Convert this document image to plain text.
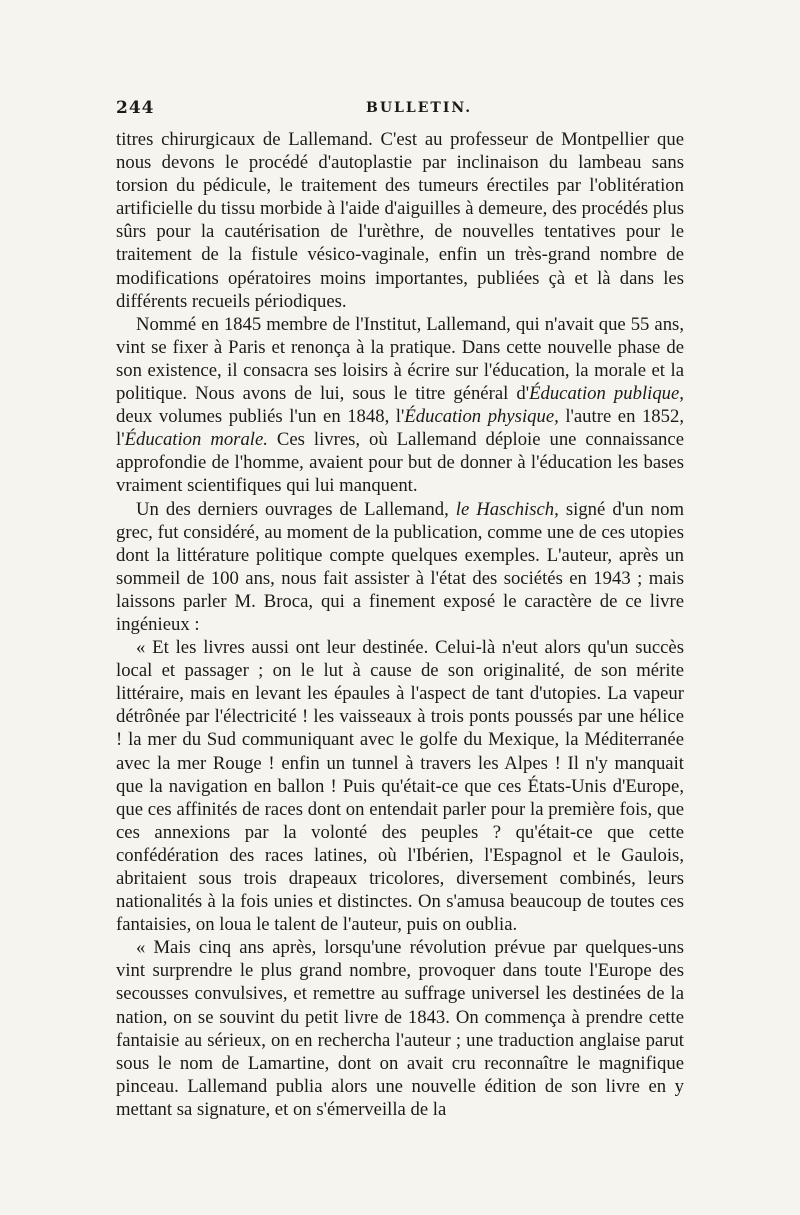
244	BULLETIN.

titres chirurgicaux de Lallemand. C'est au professeur de Montpellier que nous devons le procédé d'autoplastie par inclinaison du lambeau sans torsion du pédicule, le traitement des tumeurs érectiles par l'oblitération artificielle du tissu morbide à l'aide d'aiguilles à demeure, des procédés plus sûrs pour la cautérisation de l'urèthre, de nouvelles tentatives pour le traitement de la fistule vésico-vaginale, enfin un très-grand nombre de modifications opératoires moins importantes, publiées çà et là dans les différents recueils périodiques.

Nommé en 1845 membre de l'Institut, Lallemand, qui n'avait que 55 ans, vint se fixer à Paris et renonça à la pratique. Dans cette nouvelle phase de son existence, il consacra ses loisirs à écrire sur l'éducation, la morale et la politique. Nous avons de lui, sous le titre général d'Éducation publique, deux volumes publiés l'un en 1848, l'Éducation physique, l'autre en 1852, l'Éducation morale. Ces livres, où Lallemand déploie une connaissance approfondie de l'homme, avaient pour but de donner à l'éducation les bases vraiment scientifiques qui lui manquent.

Un des derniers ouvrages de Lallemand, le Haschisch, signé d'un nom grec, fut considéré, au moment de la publication, comme une de ces utopies dont la littérature politique compte quelques exemples. L'auteur, après un sommeil de 100 ans, nous fait assister à l'état des sociétés en 1943 ; mais laissons parler M. Broca, qui a finement exposé le caractère de ce livre ingénieux :

« Et les livres aussi ont leur destinée. Celui-là n'eut alors qu'un succès local et passager ; on le lut à cause de son originalité, de son mérite littéraire, mais en levant les épaules à l'aspect de tant d'utopies. La vapeur détrônée par l'électricité ! les vaisseaux à trois ponts poussés par une hélice ! la mer du Sud communiquant avec le golfe du Mexique, la Méditerranée avec la mer Rouge ! enfin un tunnel à travers les Alpes ! Il n'y manquait que la navigation en ballon ! Puis qu'était-ce que ces États-Unis d'Europe, que ces affinités de races dont on entendait parler pour la première fois, que ces annexions par la volonté des peuples ? qu'était-ce que cette confédération des races latines, où l'Ibérien, l'Espagnol et le Gaulois, abritaient sous trois drapeaux tricolores, diversement combinés, leurs nationalités à la fois unies et distinctes. On s'amusa beaucoup de toutes ces fantaisies, on loua le talent de l'auteur, puis on oublia.

« Mais cinq ans après, lorsqu'une révolution prévue par quelques-uns vint surprendre le plus grand nombre, provoquer dans toute l'Europe des secousses convulsives, et remettre au suffrage universel les destinées de la nation, on se souvint du petit livre de 1843. On commença à prendre cette fantaisie au sérieux, on en rechercha l'auteur ; une traduction anglaise parut sous le nom de Lamartine, dont on avait cru reconnaître le magnifique pinceau. Lallemand publia alors une nouvelle édition de son livre en y mettant sa signature, et on s'émerveilla de la
